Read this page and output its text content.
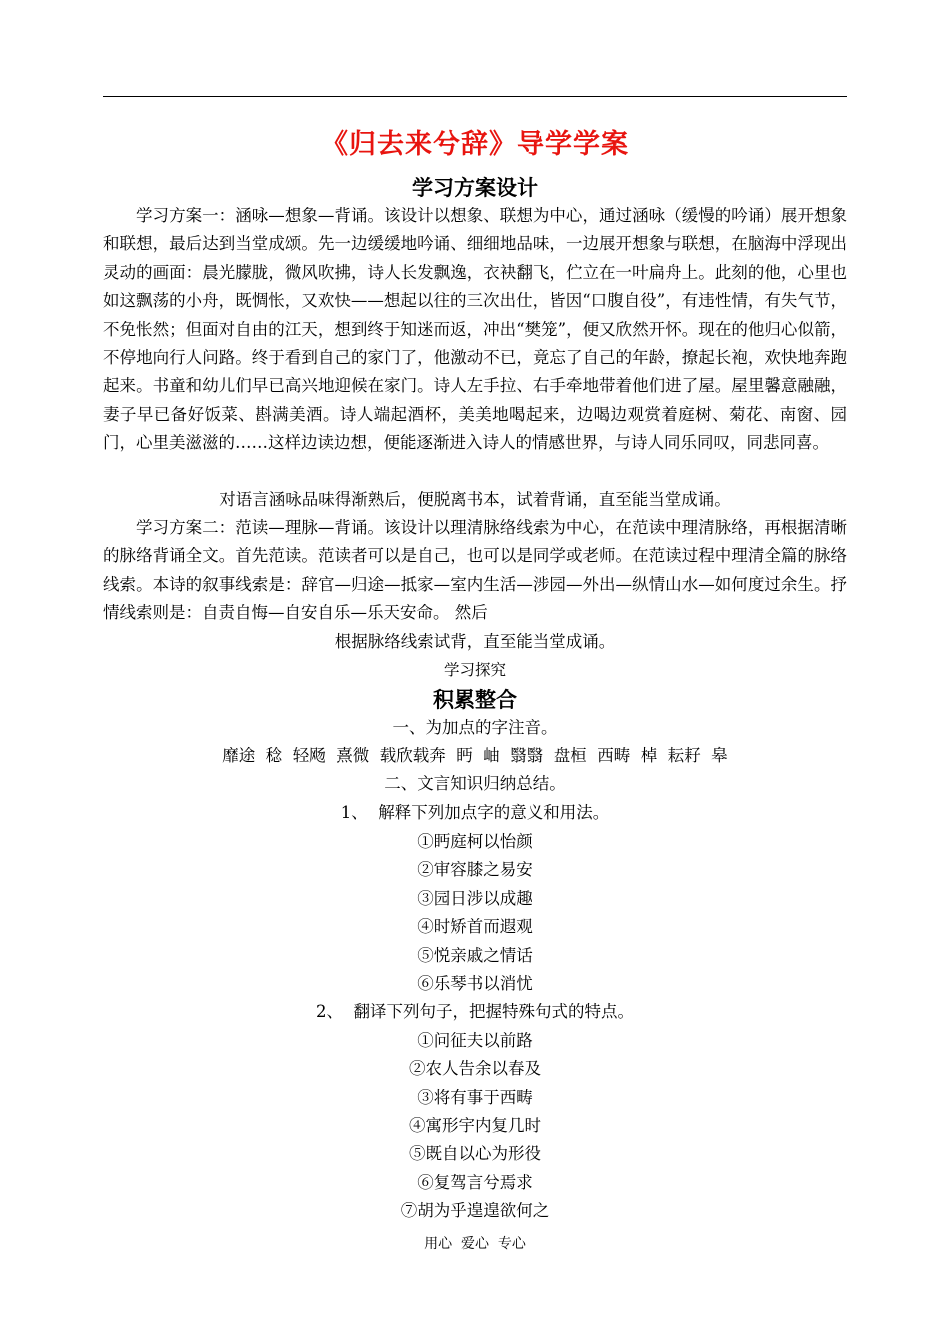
《归去来兮辞》导学学案
学习方案设计

学习方案一：涵咏—想象—背诵。该设计以想象、联想为中心，通过涵咏（缓慢的吟诵）展开想象和联想，最后达到当堂成颂。先一边缓缓地吟诵、细细地品味，一边展开想象与联想，在脑海中浮现出灵动的画面：晨光朦胧，微风吹拂，诗人长发飘逸，衣袂翻飞，伫立在一叶扁舟上。此刻的他，心里也如这飘荡的小舟，既惆怅，又欢快——想起以往的三次出仕，皆因“口腹自役”，有违性情，有失气节，不免怅然；但面对自由的江天，想到终于知迷而返，冲出“樊笼”，便又欣然开怀。现在的他归心似箭，不停地向行人问路。终于看到自己的家门了，他激动不已，竟忘了自己的年龄，撩起长袍，欢快地奔跑起来。书童和幼儿们早已高兴地迎候在家门。诗人左手拉、右手牵地带着他们进了屋。屋里馨意融融，妻子早已备好饭菜、斟满美酒。诗人端起酒杯，美美地喝起来，边喝边观赏着庭树、菊花、南窗、园门，心里美滋滋的……这样边读边想，便能逐渐进入诗人的情感世界，与诗人同乐同叹，同悲同喜。

对语言涵咏品味得渐熟后，便脱离书本，试着背诵，直至能当堂成诵。

学习方案二：范读—理脉—背诵。该设计以理清脉络线索为中心，在范读中理清脉络，再根据清晰的脉络背诵全文。首先范读。范读者可以是自己，也可以是同学或老师。在范读过程中理清全篇的脉络线索。本诗的叙事线索是：辞官—归途—抵家—室内生活—涉园—外出—纵情山水—如何度过余生。抒情线索则是：自责自悔—自安自乐—乐天安命。 然后

根据脉络线索试背，直至能当堂成诵。
学习探究
积累整合
一、为加点的字注音。
靡途  稔  轻飏  熹微  载欣载奔  眄  岫  翳翳  盘桓  西畴  棹  耘耔  皋
二、文言知识归纳总结。
1、  解释下列加点字的意义和用法。
①眄庭柯以怡颜
②审容膝之易安
③园日涉以成趣
④时矫首而遐观
⑤悦亲戚之情话
⑥乐琴书以消忧
2、  翻译下列句子，把握特殊句式的特点。
①问征夫以前路
②农人告余以春及
③将有事于西畴
④寓形宇内复几时
⑤既自以心为形役
⑥复驾言兮焉求
⑦胡为乎遑遑欲何之
用心  爱心  专心
